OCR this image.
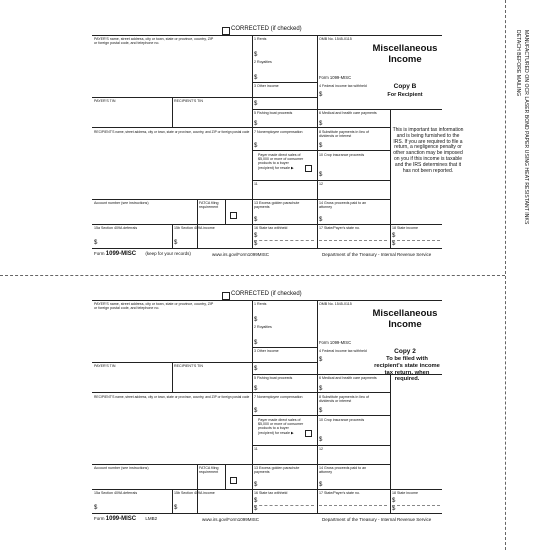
DETACH BEFORE MAILING MANUFACTURED ON OCR LASER BOND PAPER USING HEAT RESISTANT INKS
CORRECTED (if checked)
PAYER'S name, street address, city or town, state or province, country, ZIP
or foreign postal code, and telephone no.
1 Rents
$
2 Royalties
$
3 Other income
$
OMB No. 1545-0115
Form 1099-MISC
4 Federal income tax withheld
$
Miscellaneous Income
Copy B
For Recipient
PAYER'S TIN	RECIPIENT'S TIN
5 Fishing boat proceeds
$
6 Medical and health care payments
$
RECIPIENT'S name, street address, city or town, state or province, country, and ZIP or foreign postal code 7 Nonemployee compensation
$
8 Substitute payments in lieu of
dividends or interest
$
Payer made direct sales of
$5,000 or more of consumer
products to a buyer
(recipient) for resale ▶
10 Crop insurance proceeds
$
11	12
This is important tax information and is being furnished to the IRS. If you are required to file a return, a negligence penalty or other sanction may be imposed on you if this income is taxable and the IRS determines that it has not been reported.
Account number (see instructions)	FATCA filing
requirement
13 Excess golden parachute
payments
$
14 Gross proceeds paid to an
attorney
$
15a Section 409A deferrals
$
15b Section 409A income
$
16 State tax withheld
$
$
17 State/Payer's state no.	18 State income
$
$
Form 1099-MISC (keep for your records)	www.irs.gov/Form1099MISC	Department of the Treasury - Internal Revenue Service
CORRECTED (if checked)
PAYER'S name, street address, city or town, state or province, country, ZIP
or foreign postal code, and telephone no.
1 Rents
$
2 Royalties
$
3 Other income
$
OMB No. 1545-0115
Form 1099-MISC
4 Federal income tax withheld
$
Miscellaneous Income
Copy 2
To be filed with recipient's state income tax return, when required.
PAYER'S TIN	RECIPIENT'S TIN
5 Fishing boat proceeds
$
6 Medical and health care payments
$
RECIPIENT'S name, street address, city or town, state or province, country, and ZIP or foreign postal code 7 Nonemployee compensation
$
8 Substitute payments in lieu of
dividends or interest
$
Payer made direct sales of
$5,000 or more of consumer
products to a buyer
(recipient) for resale ▶
10 Crop insurance proceeds
$
11	12
Account number (see instructions)	FATCA filing
requirement
13 Excess golden parachute
payments
$
14 Gross proceeds paid to an
attorney
$
15a Section 409A deferrals
$
15b Section 409A income
$
16 State tax withheld
$
$
17 State/Payer's state no.	18 State income
$
$
Form 1099-MISC LMB2	www.irs.gov/Form1099MISC	Department of the Treasury - Internal Revenue Service
